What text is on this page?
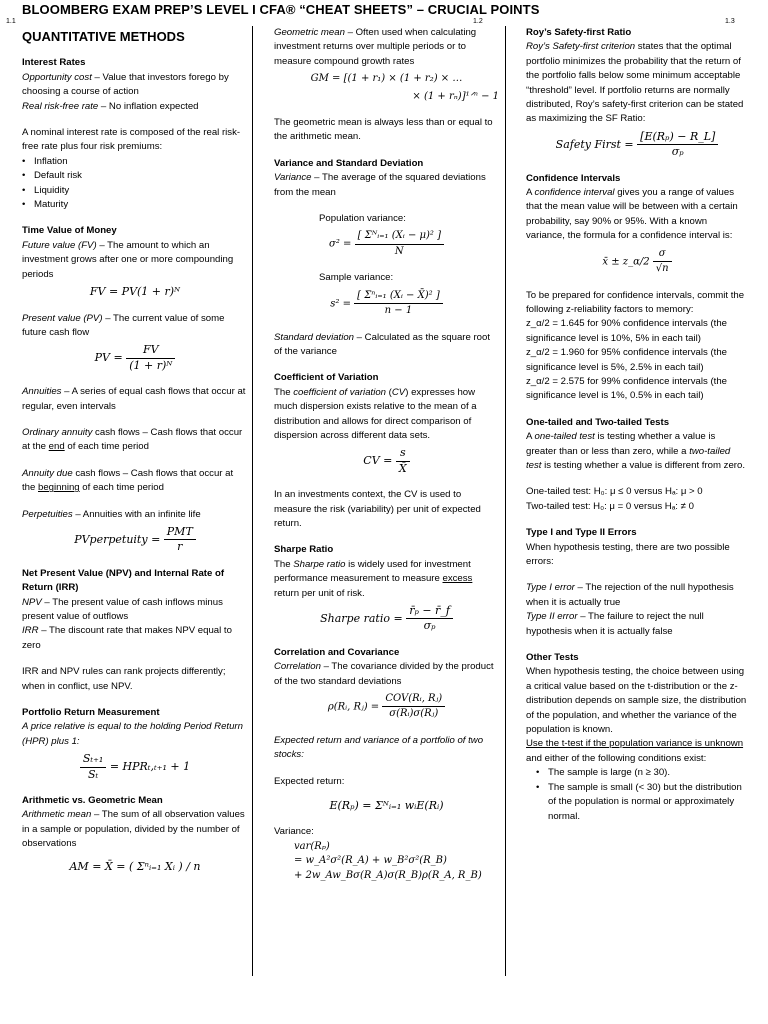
BLOOMBERG EXAM PREP’S LEVEL I CFA® “CHEAT SHEETS” – CRUCIAL POINTS
1.1	1.2	1.3
QUANTITATIVE METHODS
Interest Rates

Opportunity cost – Value that investors forego by choosing a course of action

Real risk-free rate – No inflation expected

A nominal interest rate is composed of the real risk-free rate plus four risk premiums:

• Inflation
• Default risk
• Liquidity
• Maturity
Time Value of Money

Future value (FV) – The amount to which an investment grows after one or more compounding periods

FV = PV(1 + r)ᴺ

Present value (PV) – The current value of some future cash flow

PV = $\frac{FV}{\text{(1 + r)ᴺ}}$

Annuities – A series of equal cash flows that occur at regular, even intervals

Ordinary annuity cash flows – Cash flows that occur at the end of each time period

Annuity due cash flows – Cash flows that occur at the beginning of each time period

Perpetuities – Annuities with an infinite life

PVperpetuity = $\frac{\text{PMT}}{r}$
Net Present Value (NPV) and Internal Rate of Return (IRR)

NPV – The present value of cash inflows minus present value of outflows

IRR – The discount rate that makes NPV equal to zero

IRR and NPV rules can rank projects differently; when in conflict, use NPV.

Portfolio Return Measurement

A price relative is equal to the holding Period Return (HPR) plus 1:

$\frac{\text{Sₜ₊₁}}{\text{Sₜ}} = HPR_t,_{t+1} + 1$
Arithmetic vs. Geometric Mean

Arithmetic mean – The sum of all observation values in a sample or population, divided by the number of observations

AM = X̄ = ( Σⁿᵢ₌₁ Xᵢ ) / n

Geometric mean – Often used when calculating investment returns over multiple periods or to measure compound growth rates

GM = [(1 + r₁) × (1 + r₂) × …
× (1 + rₙ)]¹ᐟⁿ − 1

The geometric mean is always less than or equal to the arithmetic mean.

Variance and Standard Deviation

Variance – The average of the squared deviations from the mean

Population variance:

$\sigma^2 = \frac{\text{[ Σᴺᵢ₌₁ (Xᵢ − μ)² ]}}{N}$

Sample variance:

$s^2 = \frac{\text{[ Σⁿᵢ₌₁ (Xᵢ − X̄)² ]}}{n - 1}$

Standard deviation – Calculated as the square root of the variance

Coefficient of Variation

The coefficient of variation (CV) expresses how much dispersion exists relative to the mean of a distribution and allows for direct comparison of dispersion across different data sets.

CV = $\frac{s}{X̄}$

In an investments context, the CV is used to measure the risk (variability) per unit of expected return.

Sharpe Ratio

The Sharpe ratio is widely used for investment performance measurement to measure excess return per unit of risk.

Sharpe ratio = $\frac{\text{r̄ₚ − r̄\_f}}{\text{σₚ}}$
Correlation and Covariance

Correlation – The covariance divided by the product of the two standard deviations

ρ(Rᵢ, Rⱼ) = $\frac{\text{COV(Rᵢ, Rⱼ)}}{\text{σ(Rᵢ)σ(Rⱼ)}}$

Expected return and variance of a portfolio of two stocks:

Expected return:

E(Rₚ) = Σᴺᵢ₌₁ wᵢE(Rᵢ)

Variance:

var(Rₚ)
= w_A²σ²(R_A) + w_B²σ²(R_B)
+ 2w_Aw_Bσ(R_A)σ(R_B)ρ(R_A, R_B)
Roy’s Safety-first Ratio

Roy’s Safety-first criterion states that the optimal portfolio minimizes the probability that the return of the portfolio falls below some minimum acceptable “threshold” level. If portfolio returns are normally distributed, Roy’s safety-first criterion can be stated as maximizing the SF Ratio:

Safety First = $\frac{\text{[E(Rₚ) − R\_L]}}{\text{σₚ}}$
Confidence Intervals

A confidence interval gives you a range of values that the mean value will be between with a certain probability, say 90% or 95%. With a known variance, the formula for a confidence interval is:

x̄ ± z_α/2 $\frac{\sigma}{√n}$

To be prepared for confidence intervals, commit the following z-reliability factors to memory:

z_α/2 = 1.645 for 90% confidence intervals (the significance level is 10%, 5% in each tail)

z_α/2 = 1.960 for 95% confidence intervals (the significance level is 5%, 2.5% in each tail)

z_α/2 = 2.575 for 99% confidence intervals (the significance level is 1%, 0.5% in each tail)

One-tailed and Two-tailed Tests

A one-tailed test is testing whether a value is greater than or less than zero, while a two-tailed test is testing whether a value is different from zero.

One-tailed test: H₀: μ ≤ 0 versus Hₐ: μ > 0

Two-tailed test: H₀: μ = 0 versus Hₐ: ≠ 0

Type I and Type II Errors

When hypothesis testing, there are two possible errors:

Type I error – The rejection of the null hypothesis when it is actually true

Type II error – The failure to reject the null hypothesis when it is actually false

Other Tests

When hypothesis testing, the choice between using a critical value based on the t-distribution or the z-distribution depends on sample size, the distribution of the population, and whether the variance of the population is known.

Use the t-test if the population variance is unknown and either of the following conditions exist:

• The sample is large (n ≥ 30).
• The sample is small (< 30) but the distribution of the population is normal or approximately normal.
